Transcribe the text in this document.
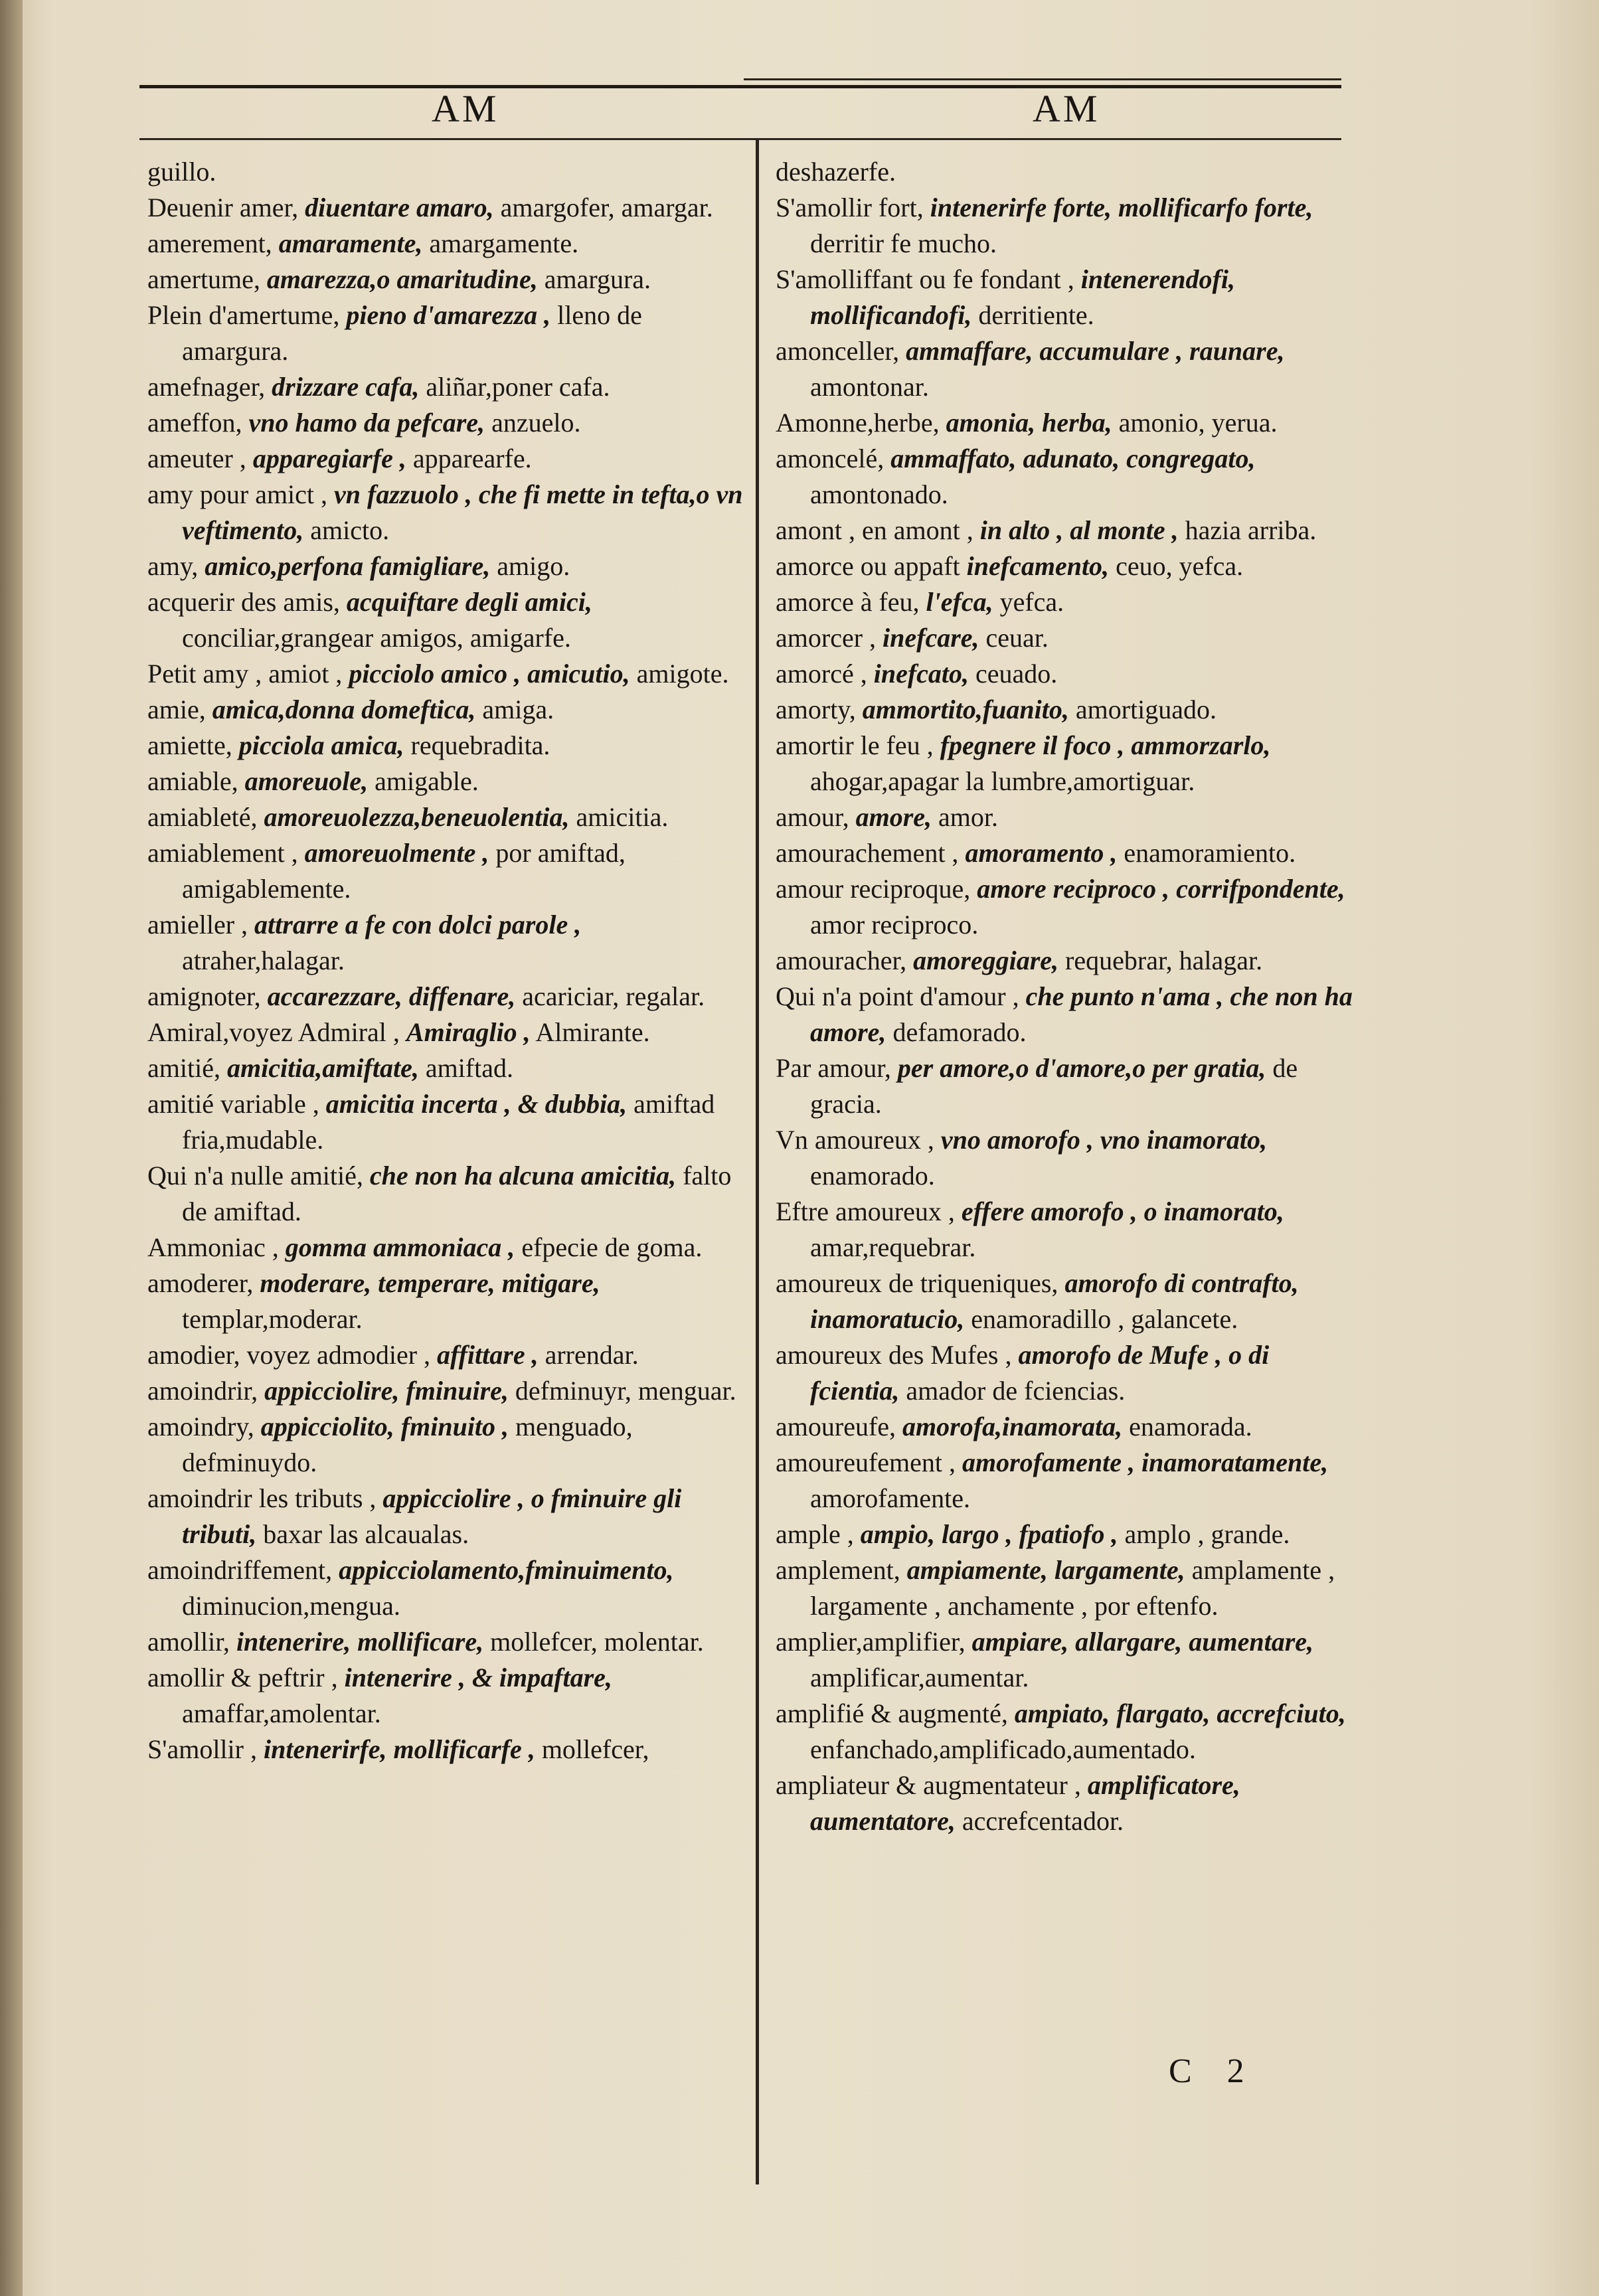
AM	AM

guillo.

Deuenir amer, diuentare amaro, amargofer, amargar.

amerement, amaramente, amargamente.

amertume, amarezza,o amaritudine, amargura.

Plein d'amertume, pieno d'amarezza , lleno de amargura.

amefnager, drizzare cafa, aliñar,poner cafa.

ameffon, vno hamo da pefcare, anzuelo.

ameuter , apparegiarfe , apparearfe.

amy pour amict , vn fazzuolo , che fi mette in tefta,o vn veftimento, amicto.

amy, amico,perfona famigliare, amigo.

acquerir des amis, acquiftare degli amici, conciliar,grangear amigos, amigarfe.

Petit amy , amiot , picciolo amico , amicutio, amigote.

amie, amica,donna domeftica, amiga.

amiette, picciola amica, requebradita.

amiable, amoreuole, amigable.

amiableté, amoreuolezza,beneuolentia, amicitia.

amiablement , amoreuolmente , por amiftad, amigablemente.

amieller , attrarre a fe con dolci parole , atraher,halagar.

amignoter, accarezzare, diffenare, acariciar, regalar.

Amiral,voyez Admiral , Amiraglio , Almirante.

amitié, amicitia,amiftate, amiftad.

amitié variable , amicitia incerta , & dubbia, amiftad fria,mudable.

Qui n'a nulle amitié, che non ha alcuna amicitia, falto de amiftad.

Ammoniac , gomma ammoniaca , efpecie de goma.

amoderer, moderare, temperare, mitigare, templar,moderar.

amodier, voyez admodier , affittare , arrendar.

amoindrir, appicciolire, fminuire, defminuyr, menguar.

amoindry, appicciolito, fminuito , menguado, defminuydo.

amoindrir les tributs , appicciolire , o fminuire gli tributi, baxar las alcaualas.

amoindriffement, appicciolamento,fminuimento, diminucion,mengua.

amollir, intenerire, mollificare, mollefcer, molentar.

amollir & peftrir , intenerire , & impaftare, amaffar,amolentar.

S'amollir , intenerirfe, mollificarfe , mollefcer,

deshazerfe.

S'amollir fort, intenerirfe forte, mollificarfo forte, derritir fe mucho.

S'amolliffant ou fe fondant , intenerendofi, mollificandofi, derritiente.

amonceller, ammaffare, accumulare , raunare, amontonar.

Amonne,herbe, amonia, herba, amonio, yerua.

amoncelé, ammaffato, adunato, congregato, amontonado.

amont , en amont , in alto , al monte , hazia arriba.

amorce ou appaft inefcamento, ceuo, yefca.

amorce à feu, l'efca, yefca.

amorcer , inefcare, ceuar.

amorcé , inefcato, ceuado.

amorty, ammortito,fuanito, amortiguado.

amortir le feu , fpegnere il foco , ammorzarlo, ahogar,apagar la lumbre,amortiguar.

amour, amore, amor.

amourachement , amoramento , enamoramiento.

amour reciproque, amore reciproco , corrifpondente, amor reciproco.

amouracher, amoreggiare, requebrar, halagar.

Qui n'a point d'amour , che punto n'ama , che non ha amore, defamorado.

Par amour, per amore,o d'amore,o per gratia, de gracia.

Vn amoureux , vno amorofo , vno inamorato, enamorado.

Eftre amoureux , effere amorofo , o inamorato, amar,requebrar.

amoureux de triqueniques, amorofo di contrafto, inamoratucio, enamoradillo , galancete.

amoureux des Mufes , amorofo de Mufe , o di fcientia, amador de fciencias.

amoureufe, amorofa,inamorata, enamorada.

amoureufement , amorofamente , inamoratamente, amorofamente.

ample , ampio, largo , fpatiofo , amplo , grande.

amplement, ampiamente, largamente, amplamente , largamente , anchamente , por eftenfo.

amplier,amplifier, ampiare, allargare, aumentare, amplificar,aumentar.

amplifié & augmenté, ampiato, flargato, accrefciuto, enfanchado,amplificado,aumentado.

ampliateur & augmentateur , amplificatore, aumentatore, accrefcentador.

C 2
